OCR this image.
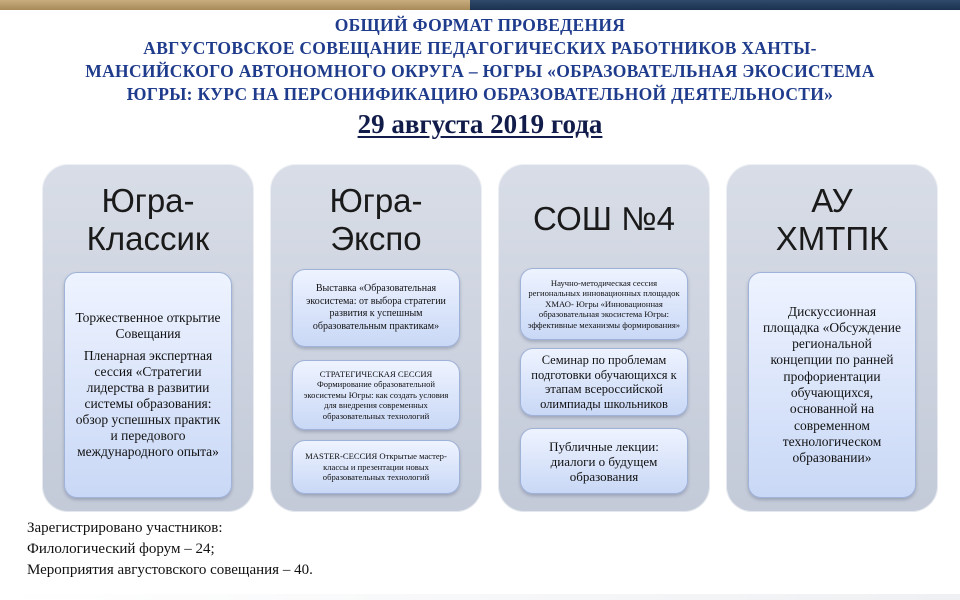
ОБЩИЙ ФОРМАТ ПРОВЕДЕНИЯ
АВГУСТОВСКОЕ СОВЕЩАНИЕ ПЕДАГОГИЧЕСКИХ РАБОТНИКОВ ХАНТЫ-
МАНСИЙСКОГО АВТОНОМНОГО ОКРУГА – ЮГРЫ «ОБРАЗОВАТЕЛЬНАЯ ЭКОСИСТЕМА
ЮГРЫ: КУРС НА ПЕРСОНИФИКАЦИЮ ОБРАЗОВАТЕЛЬНОЙ ДЕЯТЕЛЬНОСТИ»
29 августа 2019 года
Югра-
Классик

Торжественное открытие Совещания

Пленарная экспертная сессия «Стратегии лидерства в развитии системы образования: обзор успешных практик и передового международного опыта»

Югра-
Экспо

Выставка «Образовательная экосистема: от выбора стратегии развития к успешным образовательным практикам»

СТРАТЕГИЧЕСКАЯ СЕССИЯ Формирование образовательной экосистемы Югры: как создать условия для внедрения современных образовательных технологий

MASTER-СЕССИЯ Открытые мастер-классы и презентации новых образовательных технологий

СОШ №4

Научно-методическая сессия региональных инновационных площадок ХМАО- Югры «Инновационная образовательная экосистема Югры: эффективные механизмы формирования»

Семинар по проблемам подготовки обучающихся к этапам всероссийской олимпиады школьников

Публичные лекции: диалоги о будущем образования

АУ
ХМТПК

Дискуссионная площадка «Обсуждение региональной концепции по ранней профориентации обучающихся, основанной на современном технологическом образовании»

Зарегистрировано участников:
Филологический форум – 24;
Мероприятия августовского совещания – 40.
